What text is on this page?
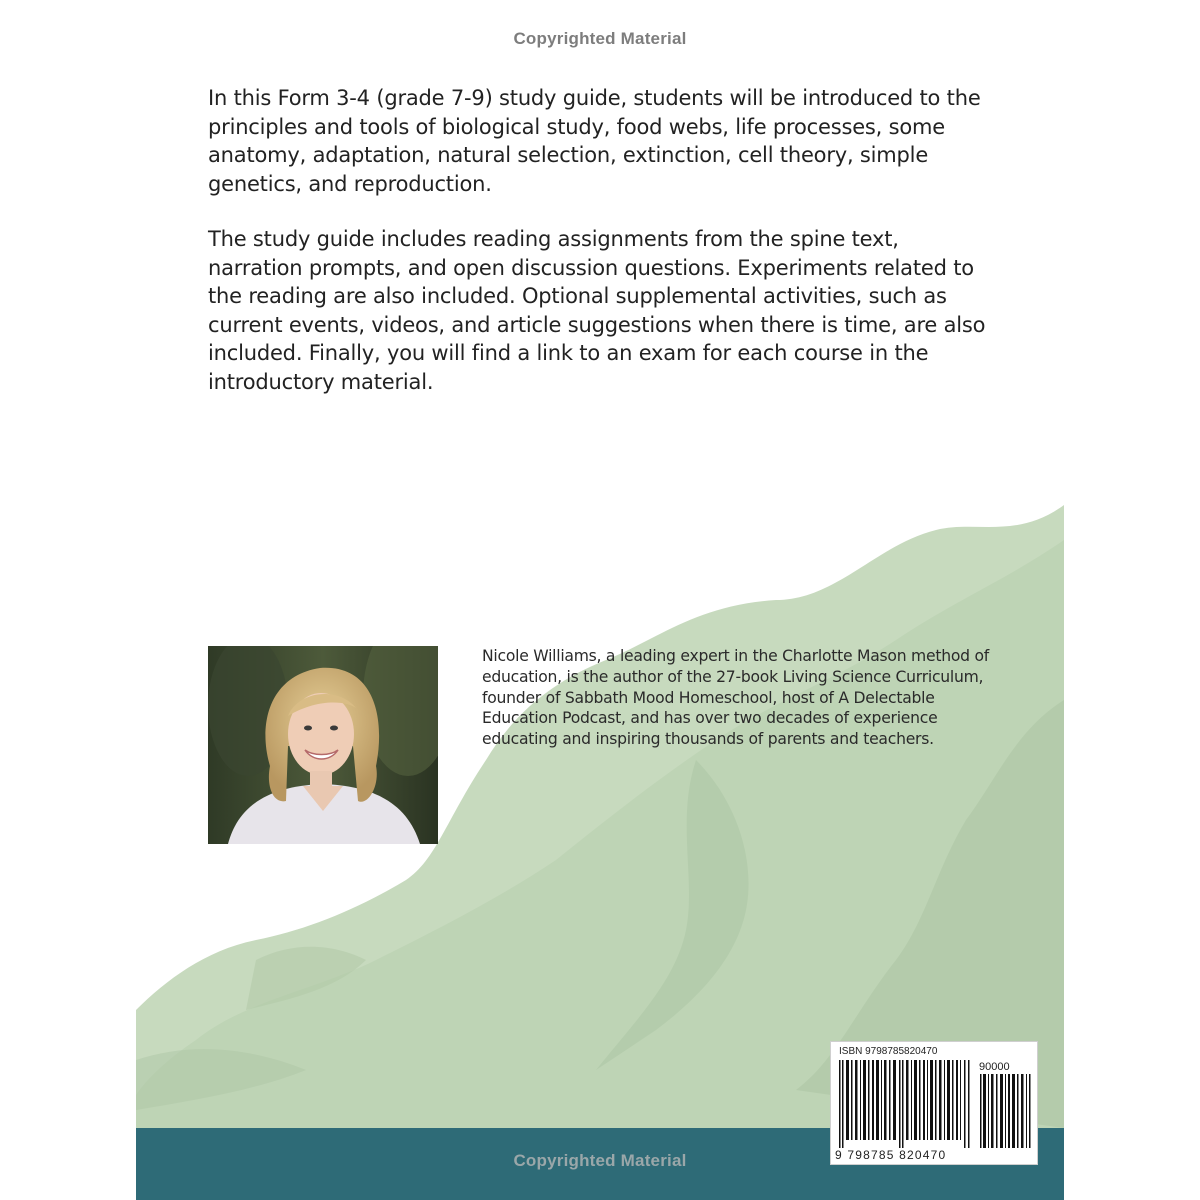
Copyrighted Material

In this Form 3-4 (grade 7-9) study guide, students will be introduced to the principles and tools of biological study, food webs, life processes, some anatomy, adaptation, natural selection, extinction, cell theory, simple genetics, and reproduction.

The study guide includes reading assignments from the spine text, narration prompts, and open discussion questions. Experiments related to the reading are also included. Optional supplemental activities, such as current events, videos, and article suggestions when there is time, are also included. Finally, you will find a link to an exam for each course in the introductory material.

Nicole Williams, a leading expert in the Charlotte Mason method of education, is the author of the 27-book Living Science Curriculum, founder of Sabbath Mood Homeschool, host of A Delectable Education Podcast, and has over two decades of experience educating and inspiring thousands of parents and teachers.

Copyrighted Material
ISBN 9798785820470
90000
9 798785 820470
